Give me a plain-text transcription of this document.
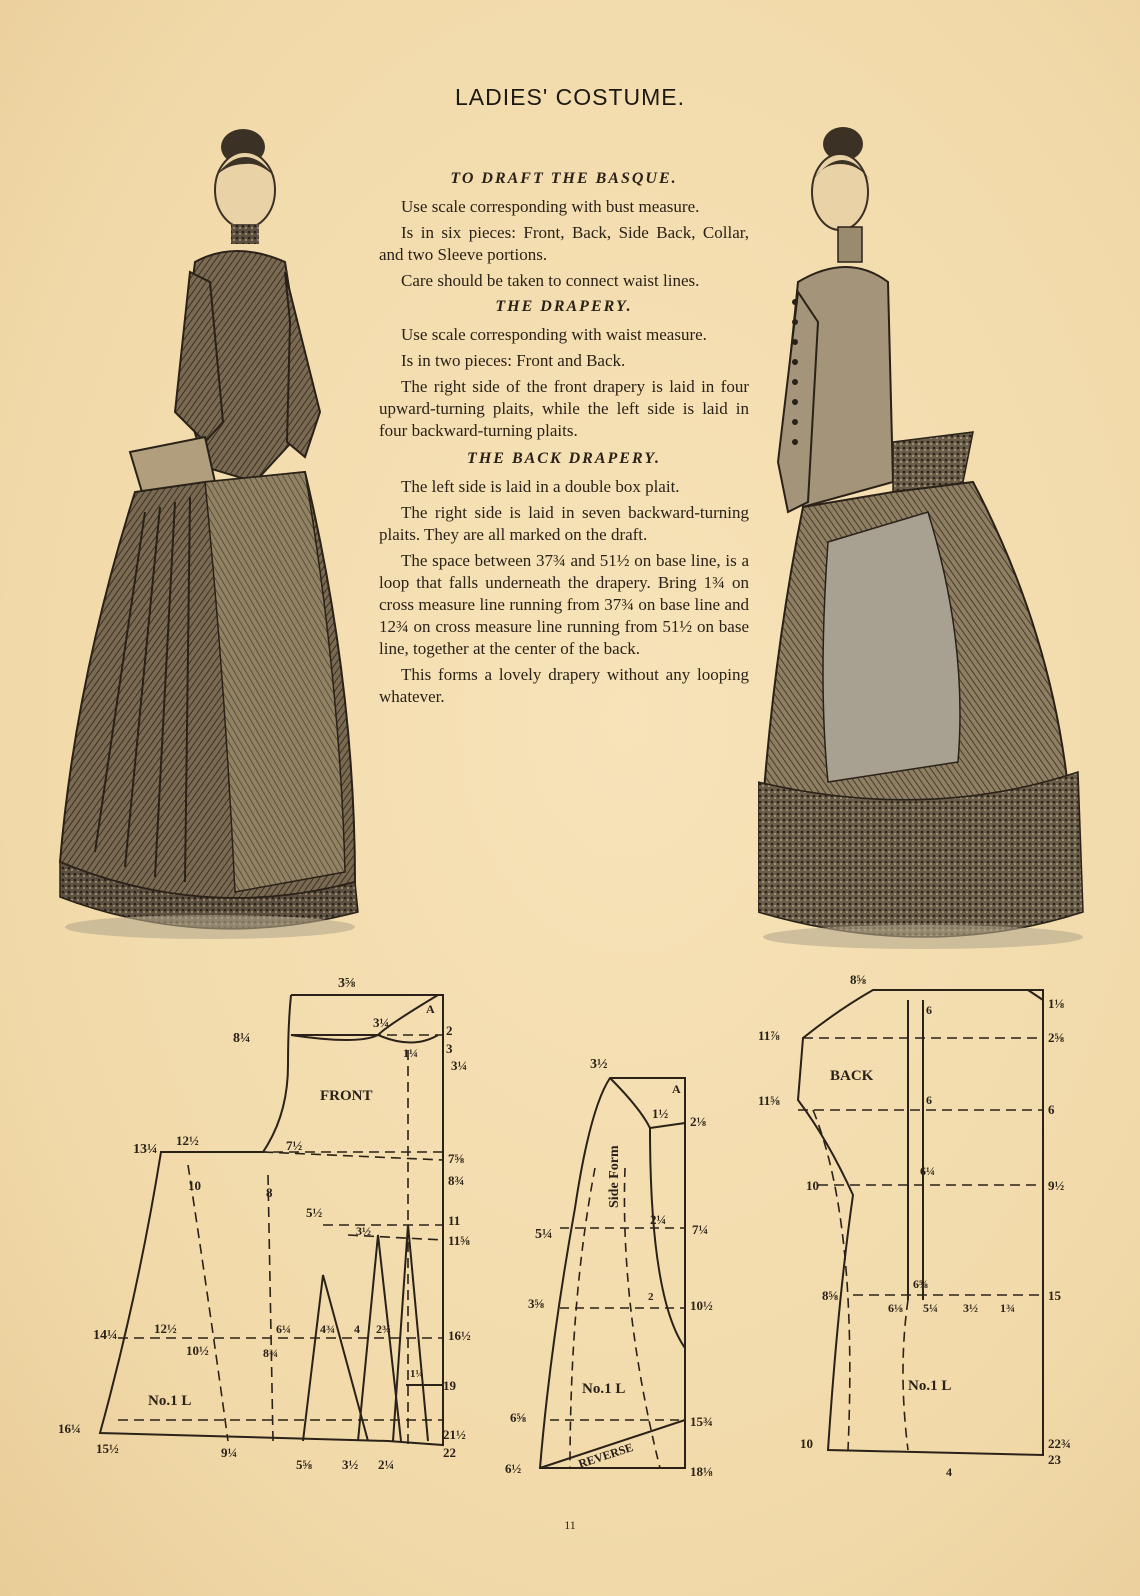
LADIES' COSTUME.
TO DRAFT THE BASQUE.

Use scale corresponding with bust measure.

Is in six pieces: Front, Back, Side Back, Collar, and two Sleeve portions.

Care should be taken to connect waist lines.

THE DRAPERY.

Use scale corresponding with waist measure.

Is in two pieces: Front and Back.

The right side of the front drapery is laid in four upward-turning plaits, while the left side is laid in four backward-turning plaits.

THE BACK DRAPERY.

The left side is laid in a double box plait.

The right side is laid in seven backward-turning plaits. They are all marked on the draft.

The space between 37¾ and 51½ on base line, is a loop that falls underneath the drapery. Bring 1¾ on cross measure line running from 37¾ on base line and 12¾ on cross measure line running from 51½ on base line, together at the center of the back.

This forms a lovely drapery without any looping whatever.

3⅝
A
8¼
3¼
2
3
3¼
1¼
13¼
12½	7½
7⅝
8¾
10	8
5½
3½
11
11⅝
FRONT
14¼	12½
10½	8¾
6¼ 4¾ 4 2¾	16½
19
1¼
No.1 L
16¼
15½	9¼
5⅝ 3½ 2¼
21½
22
3½
A
1½
2⅛
Side Form
5¼
2¼
7¼
3⅝	10½
2
No.1 L
15¾
6⅝
6½	18⅛
REVERSE
8⅝
1⅛
11⅞
6
2⅝
BACK
11⅝	6
6
10
6¼
9½
8⅝
6⅝
6⅛ 5¼ 3½ 1¾
15
No.1 L
10
4
22¾
23
11
